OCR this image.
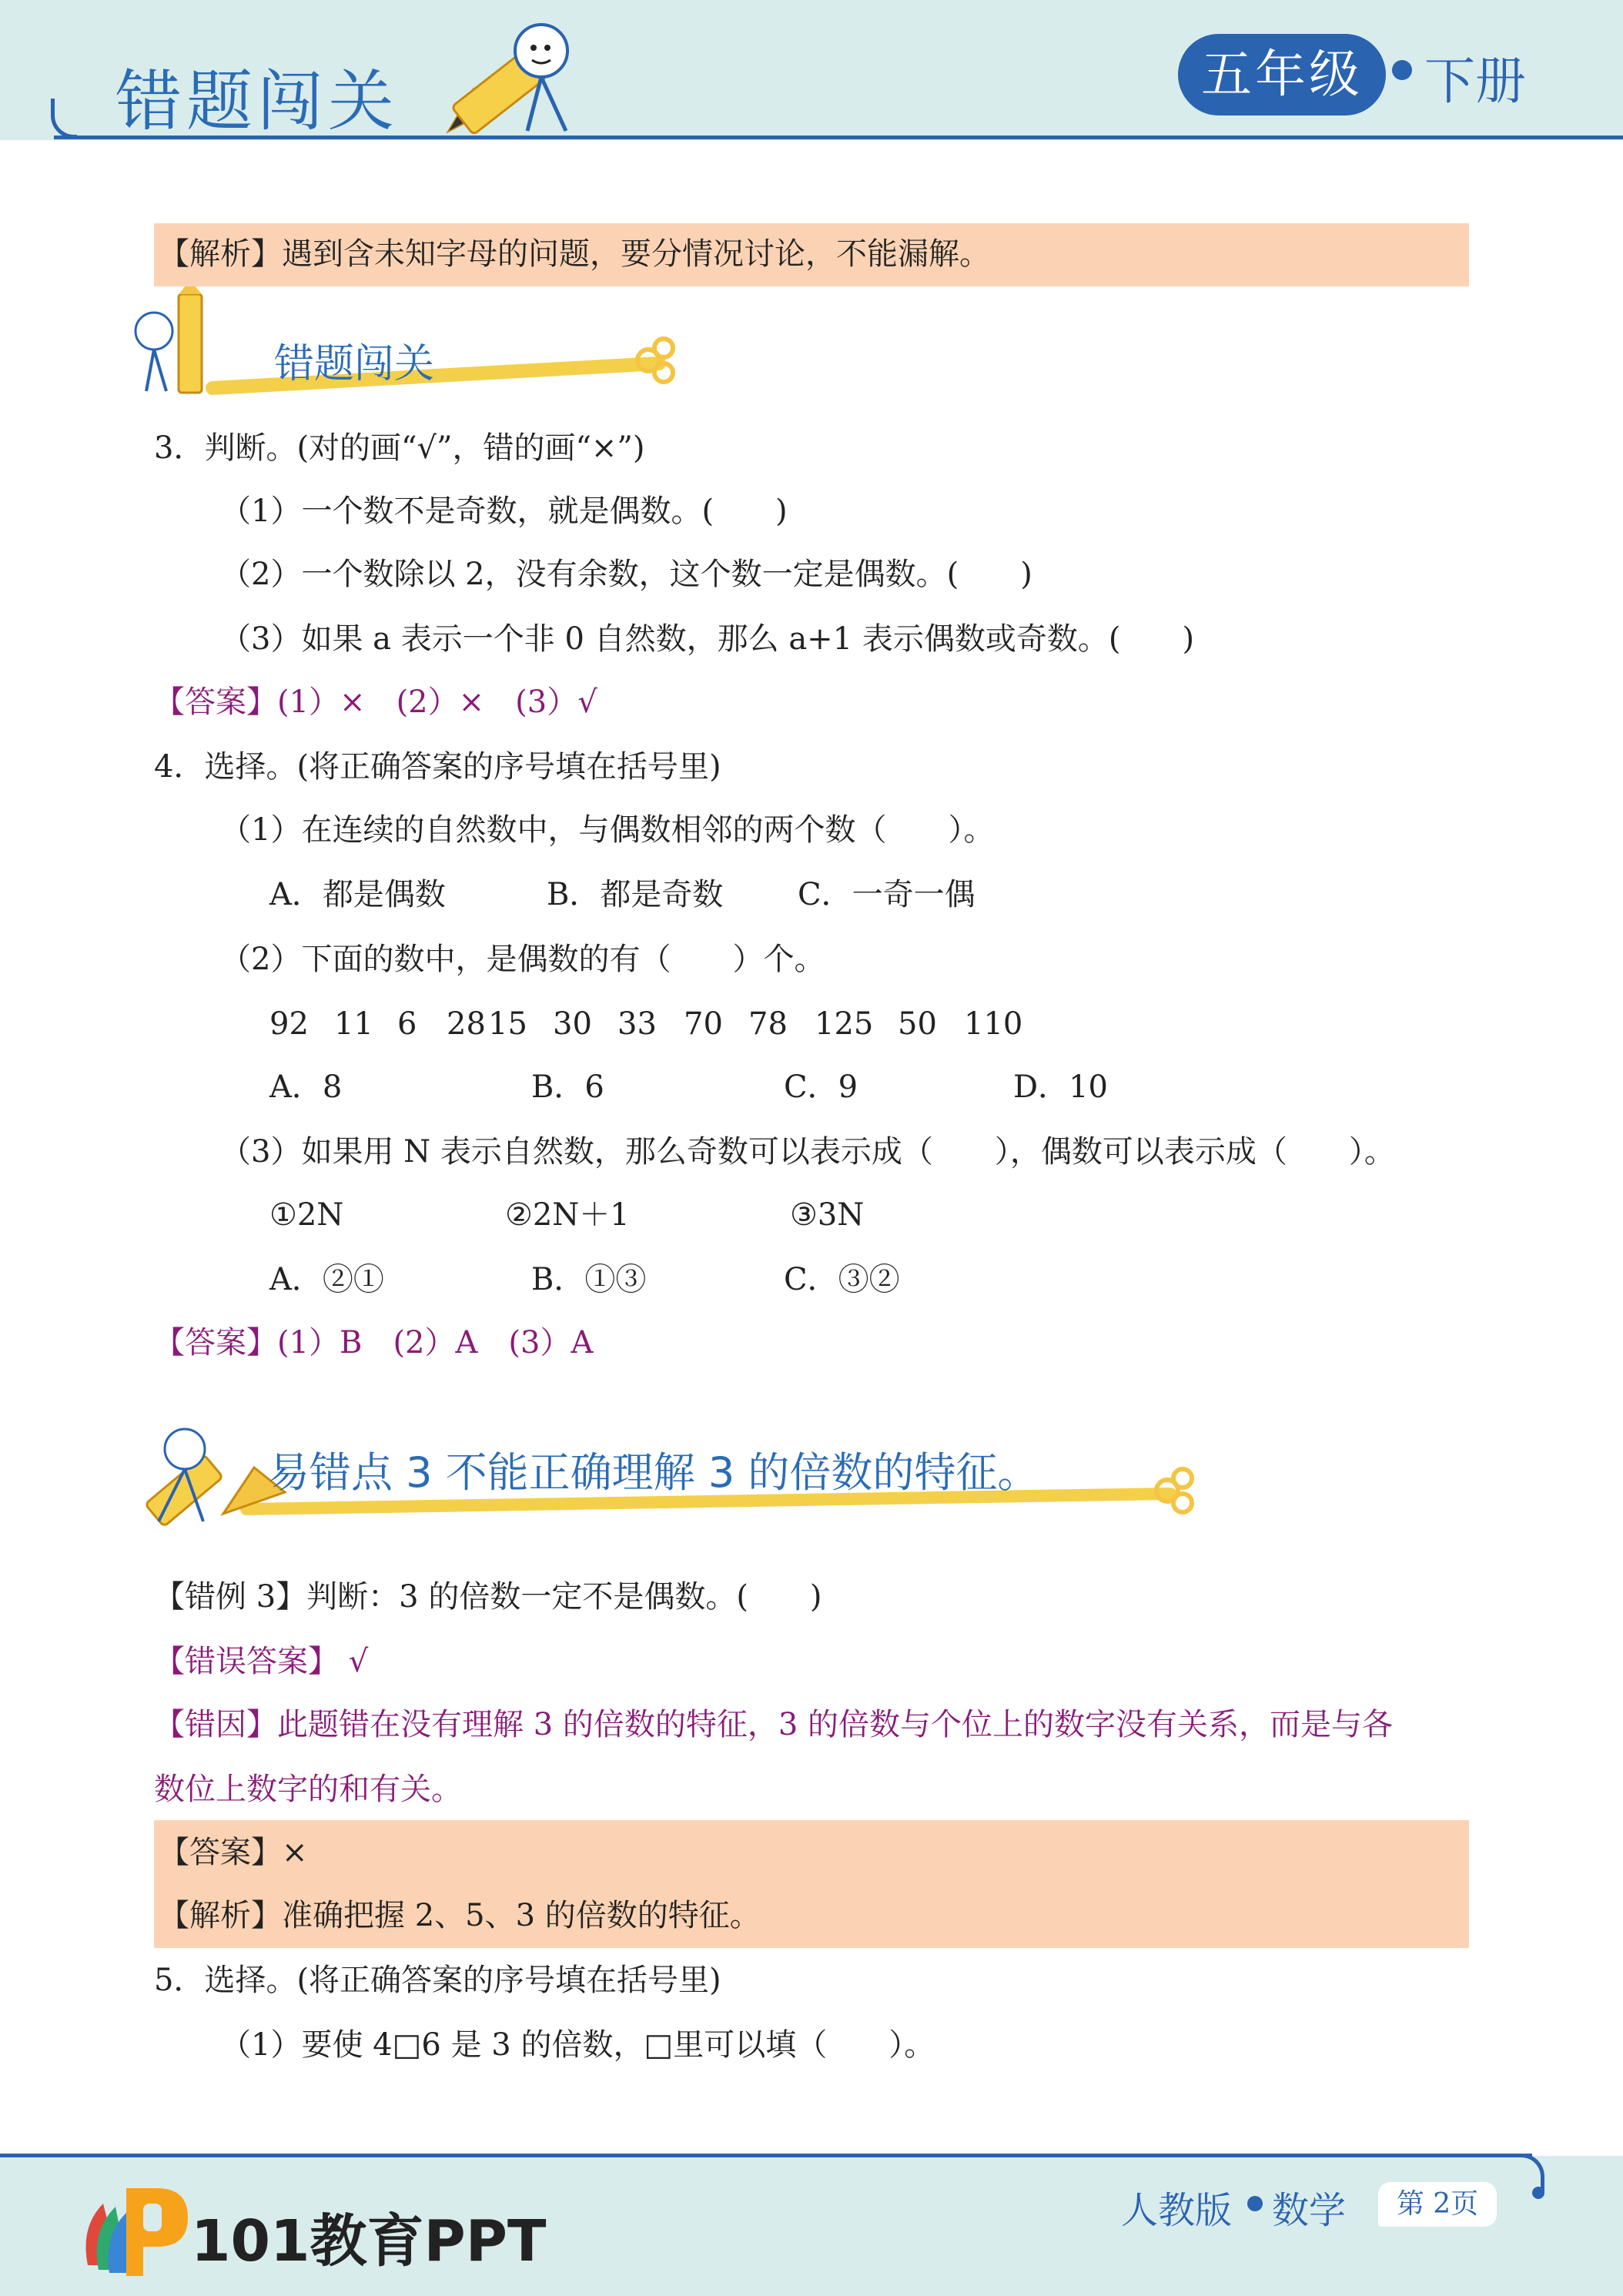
错题闯关	五年级	下册
【解析】遇到含未知字母的问题，要分情况讨论，不能漏解。
错题闯关
3．判断。(对的画“√”，错的画“×”)
（1）一个数不是奇数，就是偶数。(　　)
（2）一个数除以 2，没有余数，这个数一定是偶数。(　　)
（3）如果 a 表示一个非 0 自然数，那么 a+1 表示偶数或奇数。(　　)
【答案】(1）×　(2）×　(3）√
4．选择。(将正确答案的序号填在括号里)
（1）在连续的自然数中，与偶数相邻的两个数（　　）。
A．都是偶数	B．都是奇数 C．一奇一偶
（2）下面的数中，是偶数的有（　　）个。
92 11 6 28 15 30 33 70 78 125 50 110
A．8	B．6	C．9	D．10
（3）如果用 N 表示自然数，那么奇数可以表示成（　　），偶数可以表示成（　　）。
①2N	②2N＋1	③3N
A．②①	B．①③	C．③②
【答案】(1）B　(2）A　(3）A
易错点 3 不能正确理解 3 的倍数的特征。
【错例 3】判断：3 的倍数一定不是偶数。(　　)
【错误答案】 √
【错因】此题错在没有理解 3 的倍数的特征，3 的倍数与个位上的数字没有关系，而是与各
数位上数字的和有关。
【答案】×
【解析】准确把握 2、5、3 的倍数的特征。
5．选择。(将正确答案的序号填在括号里)
（1）要使 4□6 是 3 的倍数，□里可以填（　　）。
101教育PPT	人教版 数学	第 2页
